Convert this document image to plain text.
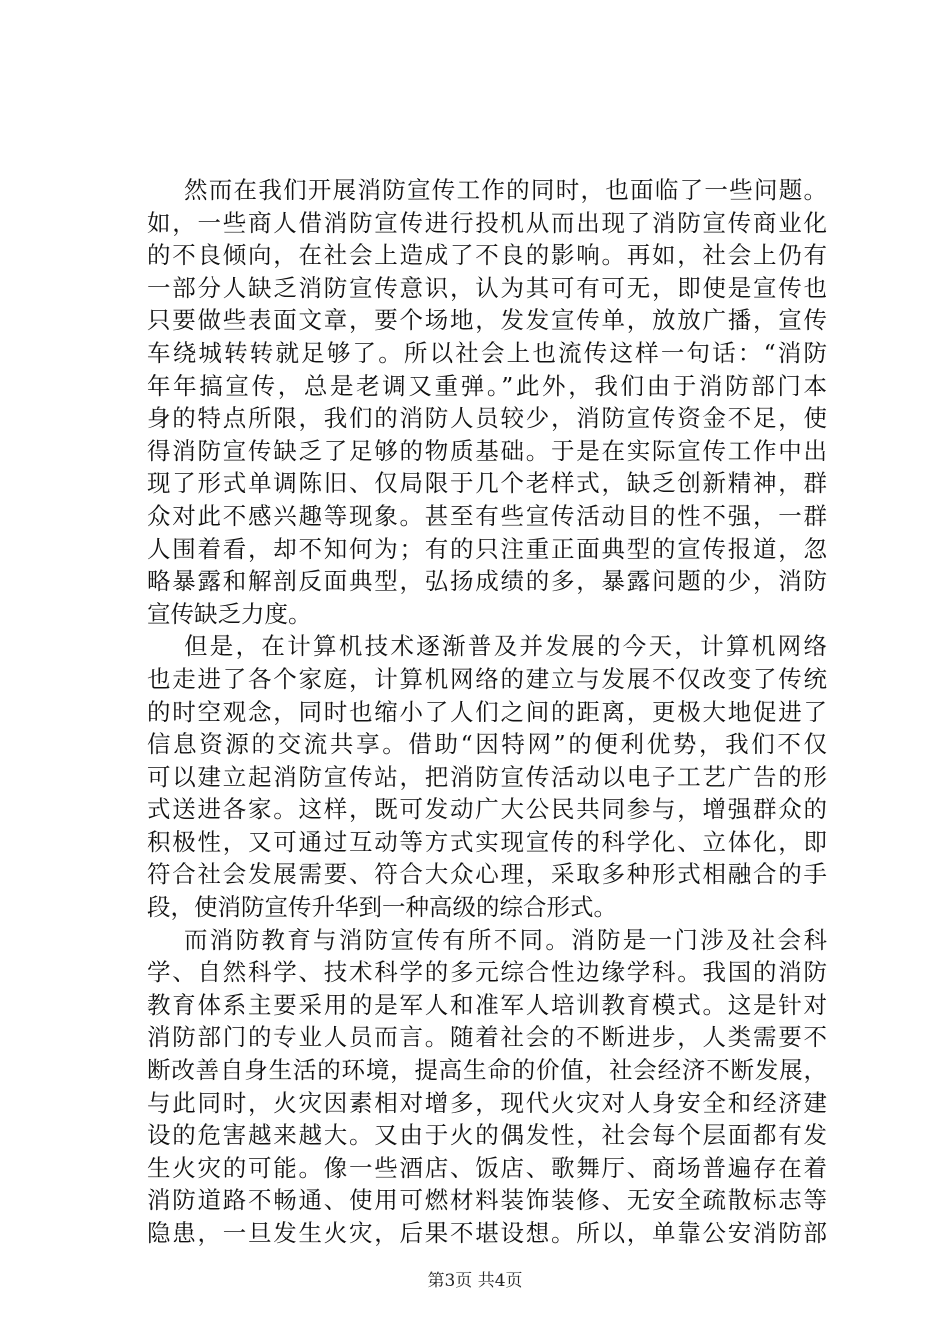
然而在我们开展消防宣传工作的同时，也面临了一些问题。
如，一些商人借消防宣传进行投机从而出现了消防宣传商业化
的不良倾向，在社会上造成了不良的影响。再如，社会上仍有
一部分人缺乏消防宣传意识，认为其可有可无，即使是宣传也
只要做些表面文章，要个场地，发发宣传单，放放广播，宣传
车绕城转转就足够了。所以社会上也流传这样一句话：“消防
年年搞宣传，总是老调又重弹。”此外，我们由于消防部门本
身的特点所限，我们的消防人员较少，消防宣传资金不足，使
得消防宣传缺乏了足够的物质基础。于是在实际宣传工作中出
现了形式单调陈旧、仅局限于几个老样式，缺乏创新精神，群
众对此不感兴趣等现象。甚至有些宣传活动目的性不强，一群
人围着看，却不知何为；有的只注重正面典型的宣传报道，忽
略暴露和解剖反面典型，弘扬成绩的多，暴露问题的少，消防
宣传缺乏力度。
但是，在计算机技术逐渐普及并发展的今天，计算机网络
也走进了各个家庭，计算机网络的建立与发展不仅改变了传统
的时空观念，同时也缩小了人们之间的距离，更极大地促进了
信息资源的交流共享。借助“因特网”的便利优势，我们不仅
可以建立起消防宣传站，把消防宣传活动以电子工艺广告的形
式送进各家。这样，既可发动广大公民共同参与，增强群众的
积极性，又可通过互动等方式实现宣传的科学化、立体化，即
符合社会发展需要、符合大众心理，采取多种形式相融合的手
段，使消防宣传升华到一种高级的综合形式。
而消防教育与消防宣传有所不同。消防是一门涉及社会科
学、自然科学、技术科学的多元综合性边缘学科。我国的消防
教育体系主要采用的是军人和准军人培训教育模式。这是针对
消防部门的专业人员而言。随着社会的不断进步，人类需要不
断改善自身生活的环境，提高生命的价值，社会经济不断发展，
与此同时，火灾因素相对增多，现代火灾对人身安全和经济建
设的危害越来越大。又由于火的偶发性，社会每个层面都有发
生火灾的可能。像一些酒店、饭店、歌舞厅、商场普遍存在着
消防道路不畅通、使用可燃材料装饰装修、无安全疏散标志等
隐患，一旦发生火灾，后果不堪设想。所以，单靠公安消防部
第3页 共4页
